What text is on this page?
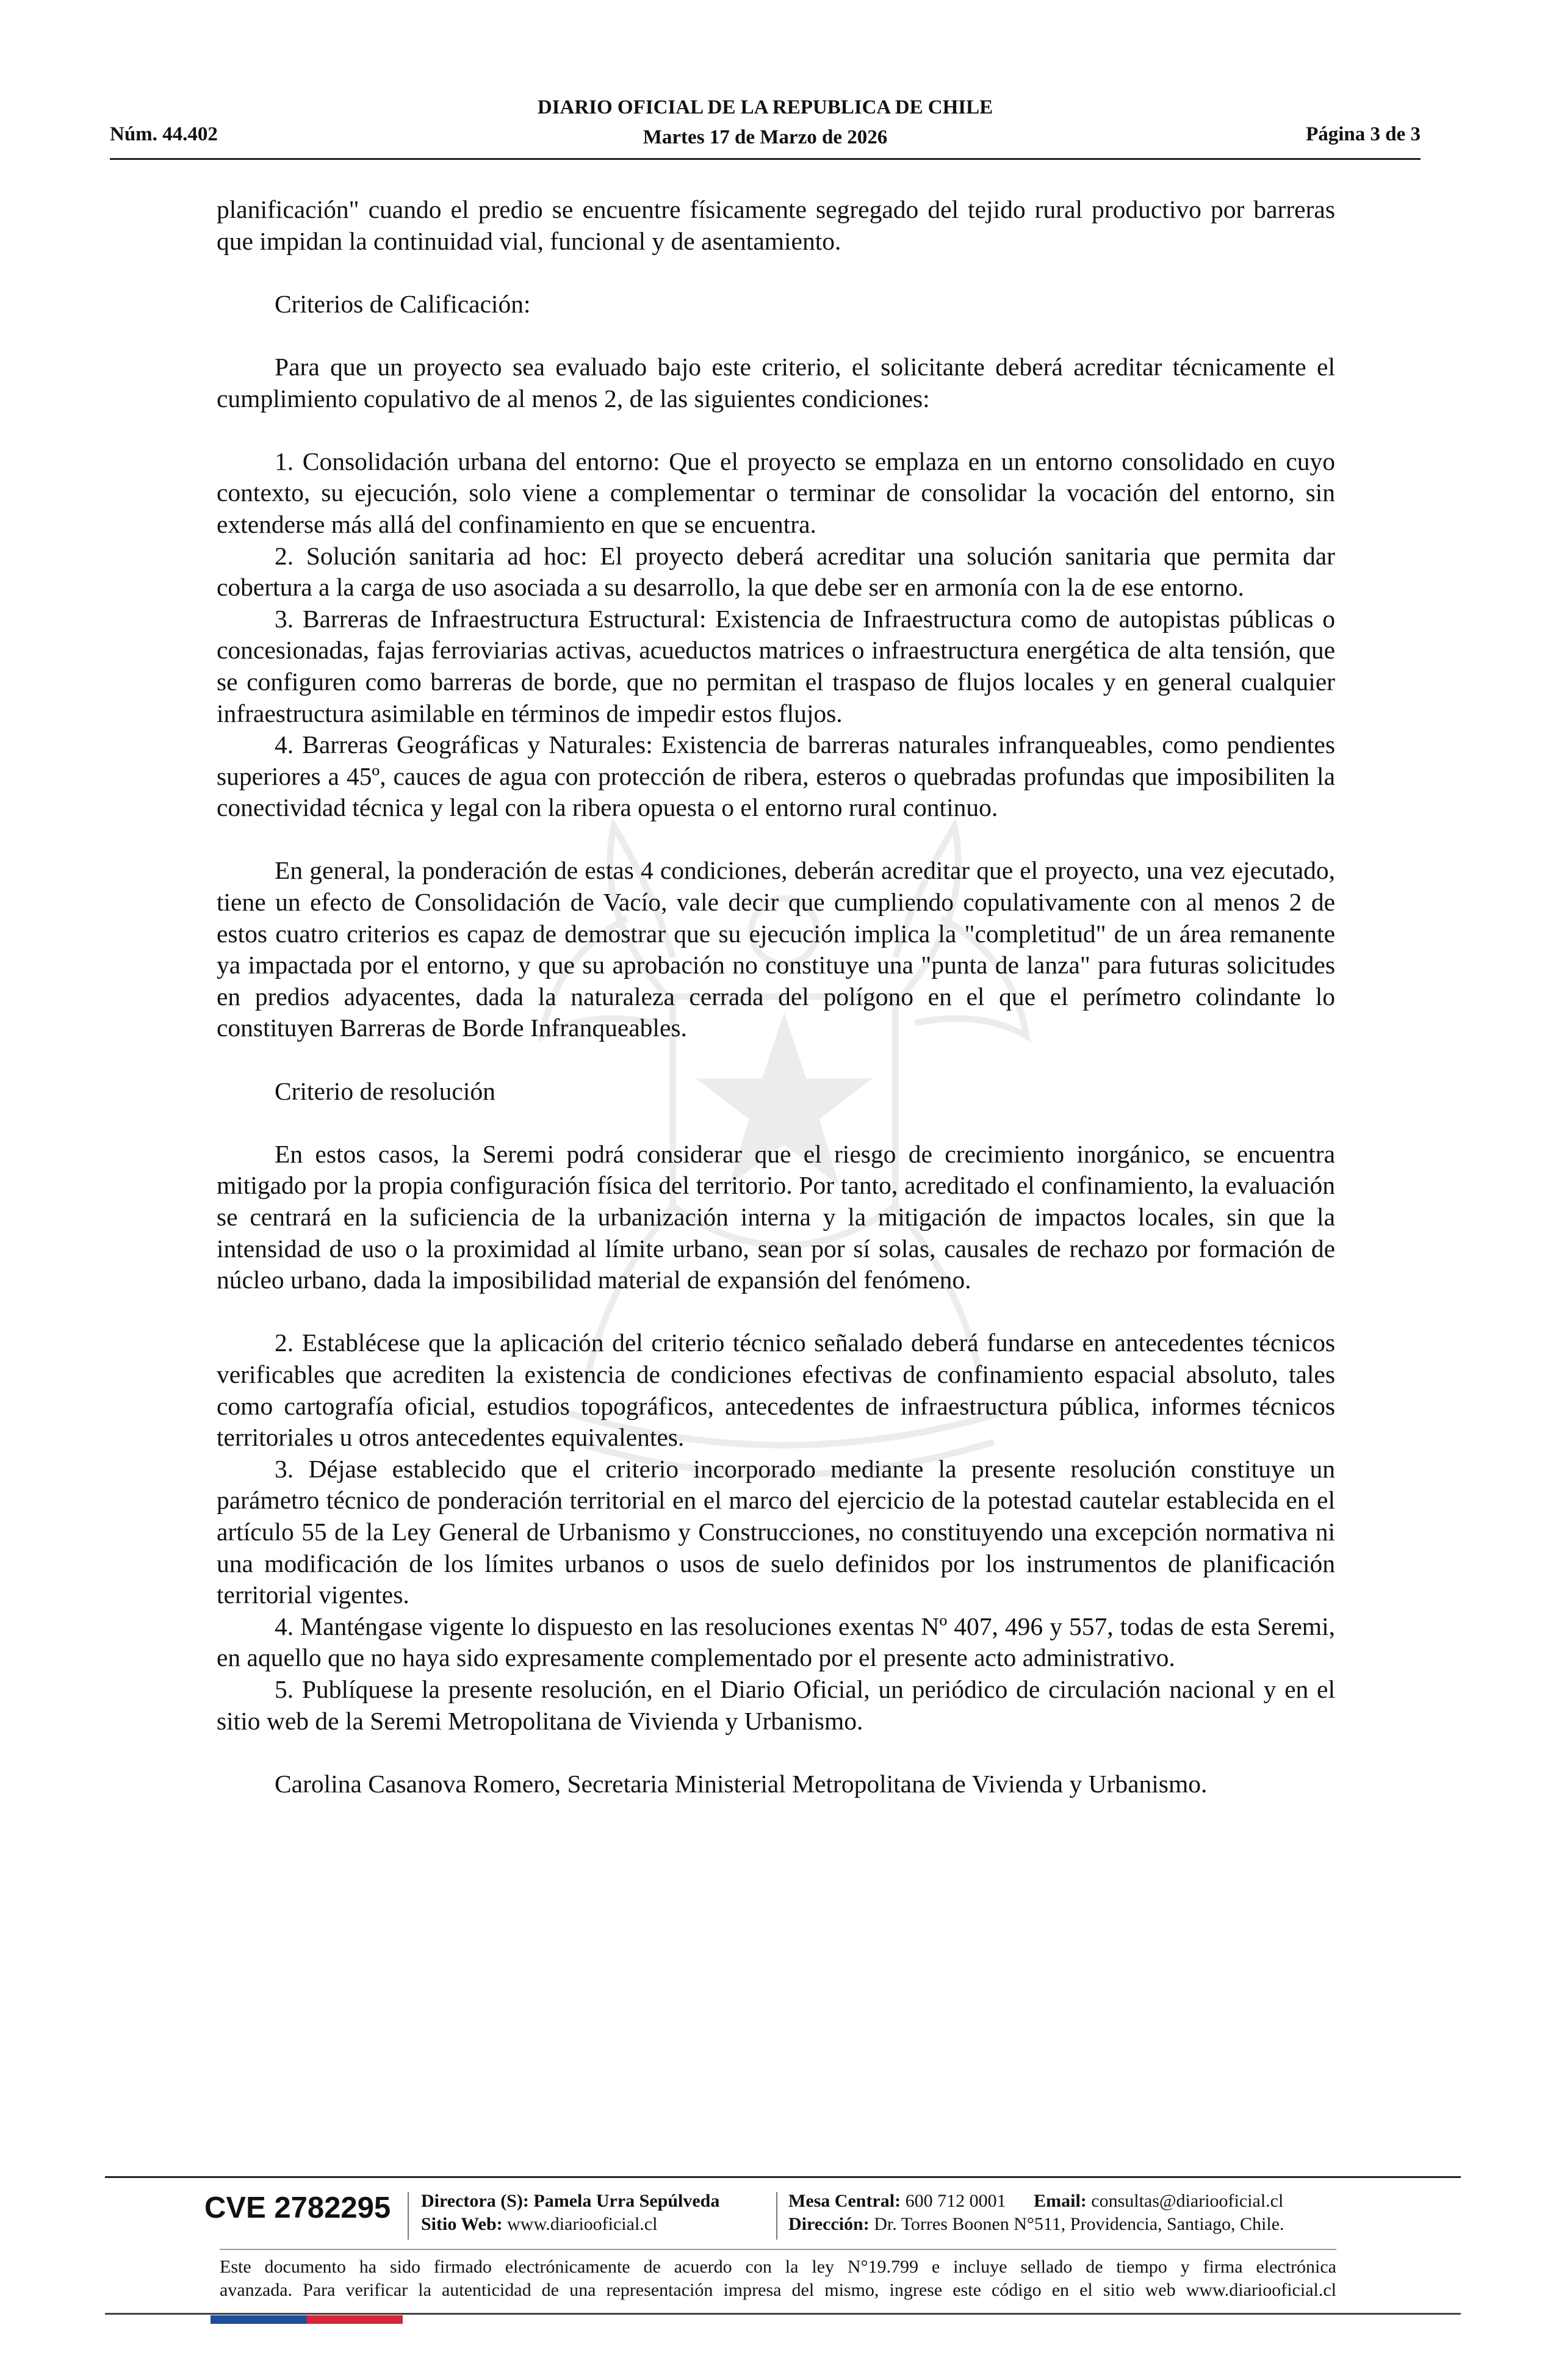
Núm. 44.402
DIARIO OFICIAL DE LA REPUBLICA DE CHILE
Martes 17 de Marzo de 2026	Página 3 de 3

planificación" cuando el predio se encuentre físicamente segregado del tejido rural productivo por barreras que impidan la continuidad vial, funcional y de asentamiento.

Criterios de Calificación:

Para que un proyecto sea evaluado bajo este criterio, el solicitante deberá acreditar técnicamente el cumplimiento copulativo de al menos 2, de las siguientes condiciones:

1. Consolidación urbana del entorno: Que el proyecto se emplaza en un entorno consolidado en cuyo contexto, su ejecución, solo viene a complementar o terminar de consolidar la vocación del entorno, sin extenderse más allá del confinamiento en que se encuentra.

2. Solución sanitaria ad hoc: El proyecto deberá acreditar una solución sanitaria que permita dar cobertura a la carga de uso asociada a su desarrollo, la que debe ser en armonía con la de ese entorno.

3. Barreras de Infraestructura Estructural: Existencia de Infraestructura como de autopistas públicas o concesionadas, fajas ferroviarias activas, acueductos matrices o infraestructura energética de alta tensión, que se configuren como barreras de borde, que no permitan el traspaso de flujos locales y en general cualquier infraestructura asimilable en términos de impedir estos flujos.

4. Barreras Geográficas y Naturales: Existencia de barreras naturales infranqueables, como pendientes superiores a 45º, cauces de agua con protección de ribera, esteros o quebradas profundas que imposibiliten la conectividad técnica y legal con la ribera opuesta o el entorno rural continuo.

En general, la ponderación de estas 4 condiciones, deberán acreditar que el proyecto, una vez ejecutado, tiene un efecto de Consolidación de Vacío, vale decir que cumpliendo copulativamente con al menos 2 de estos cuatro criterios es capaz de demostrar que su ejecución implica la "completitud" de un área remanente ya impactada por el entorno, y que su aprobación no constituye una "punta de lanza" para futuras solicitudes en predios adyacentes, dada la naturaleza cerrada del polígono en el que el perímetro colindante lo constituyen Barreras de Borde Infranqueables.

Criterio de resolución

En estos casos, la Seremi podrá considerar que el riesgo de crecimiento inorgánico, se encuentra mitigado por la propia configuración física del territorio. Por tanto, acreditado el confinamiento, la evaluación se centrará en la suficiencia de la urbanización interna y la mitigación de impactos locales, sin que la intensidad de uso o la proximidad al límite urbano, sean por sí solas, causales de rechazo por formación de núcleo urbano, dada la imposibilidad material de expansión del fenómeno.

2. Establécese que la aplicación del criterio técnico señalado deberá fundarse en antecedentes técnicos verificables que acrediten la existencia de condiciones efectivas de confinamiento espacial absoluto, tales como cartografía oficial, estudios topográficos, antecedentes de infraestructura pública, informes técnicos territoriales u otros antecedentes equivalentes.

3. Déjase establecido que el criterio incorporado mediante la presente resolución constituye un parámetro técnico de ponderación territorial en el marco del ejercicio de la potestad cautelar establecida en el artículo 55 de la Ley General de Urbanismo y Construcciones, no constituyendo una excepción normativa ni una modificación de los límites urbanos o usos de suelo definidos por los instrumentos de planificación territorial vigentes.

4. Manténgase vigente lo dispuesto en las resoluciones exentas Nº 407, 496 y 557, todas de esta Seremi, en aquello que no haya sido expresamente complementado por el presente acto administrativo.

5. Publíquese la presente resolución, en el Diario Oficial, un periódico de circulación nacional y en el sitio web de la Seremi Metropolitana de Vivienda y Urbanismo.

Carolina Casanova Romero, Secretaria Ministerial Metropolitana de Vivienda y Urbanismo.

CVE 2782295 Directora (S): Pamela Urra Sepúlveda
Sitio Web: www.diariooficial.cl
Mesa Central: 600 712 0001 Email: consultas@diariooficial.cl
Dirección: Dr. Torres Boonen N°511, Providencia, Santiago, Chile.
Este documento ha sido firmado electrónicamente de acuerdo con la ley N°19.799 e incluye sellado de tiempo y firma electrónica
avanzada. Para verificar la autenticidad de una representación impresa del mismo, ingrese este código en el sitio web www.diariooficial.cl
